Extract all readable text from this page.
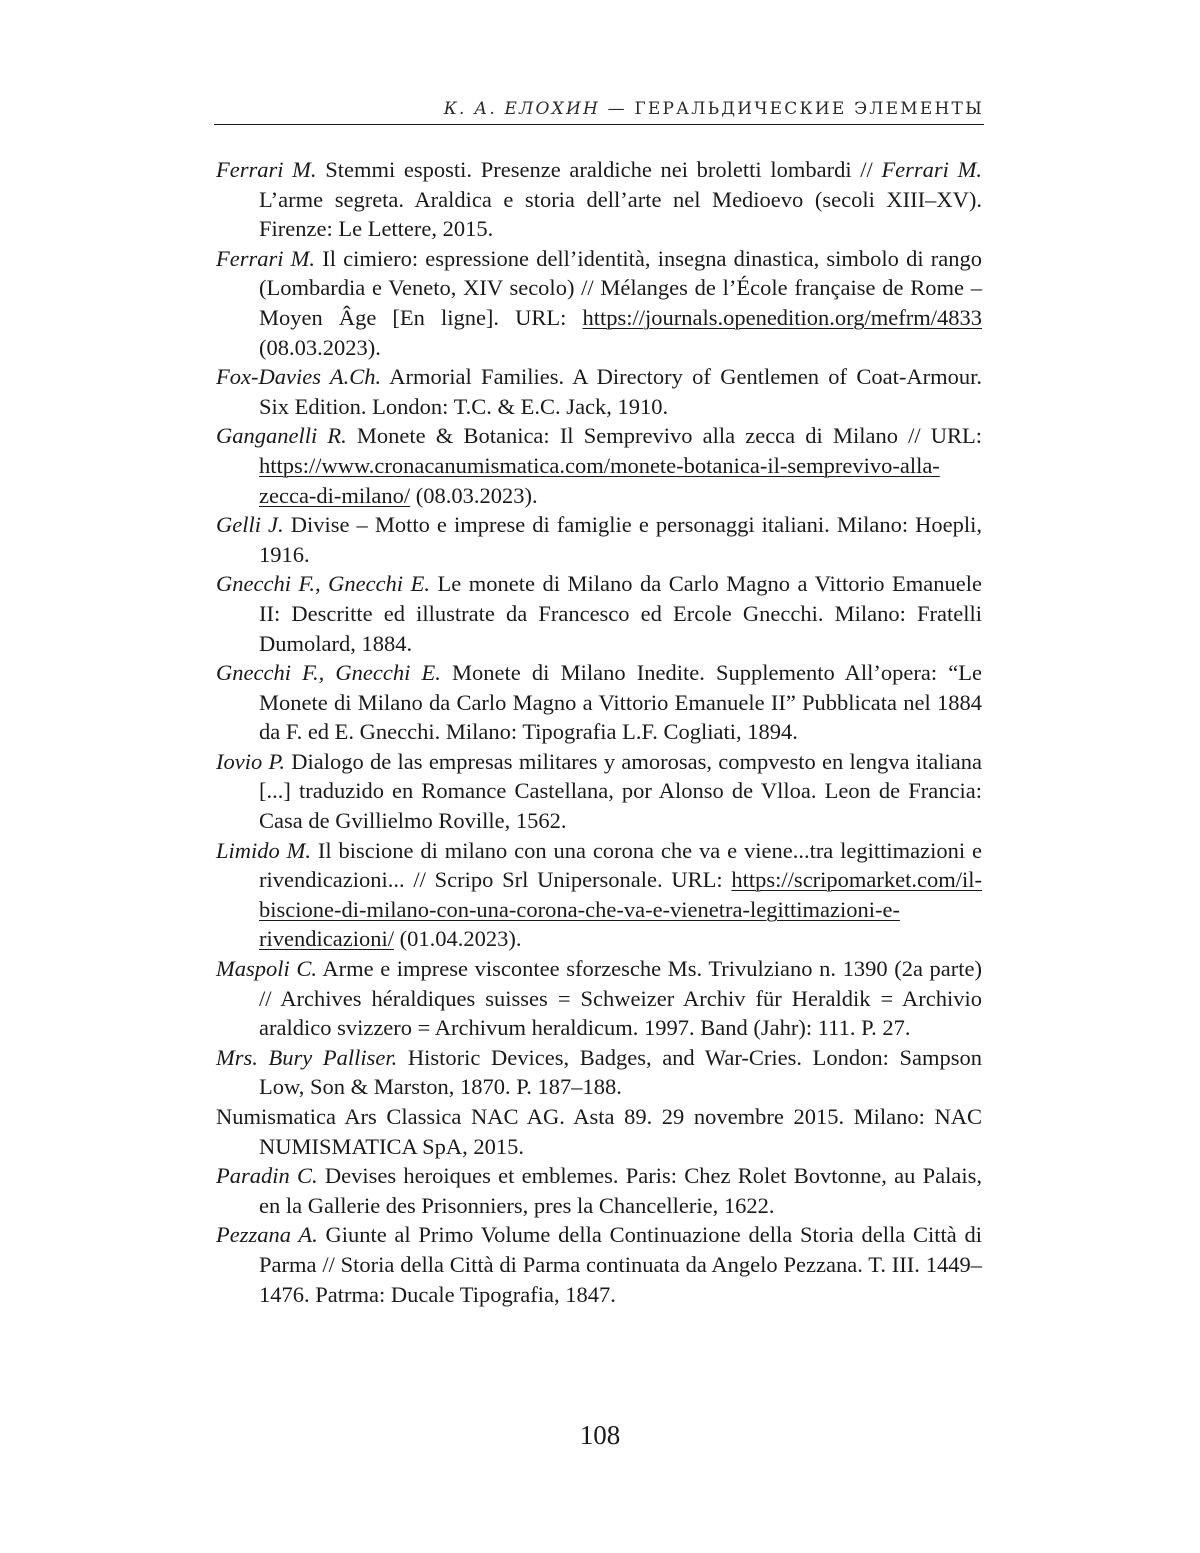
К. А. ЕЛОХИН — ГЕРАЛЬДИЧЕСКИЕ ЭЛЕМЕНТЫ

Ferrari M. Stemmi esposti. Presenze araldiche nei broletti lombardi // Ferrari M. L’arme segreta. Araldica e storia dell’arte nel Medioevo (secoli XIII–XV). Firenze: Le Lettere, 2015.

Ferrari M. Il cimiero: espressione dell’identità, insegna dinastica, simbolo di rango (Lombardia e Veneto, XIV secolo) // Mélanges de l’École française de Rome – Moyen Âge [En ligne]. URL: https://journals.openedition.org/mefrm/4833 (08.03.2023).

Fox-Davies A.Ch. Armorial Families. A Directory of Gentlemen of Coat-Armour. Six Edition. London: T.C. & E.C. Jack, 1910.

Ganganelli R. Monete & Botanica: Il Semprevivo alla zecca di Milano // URL: https://www.cronacanumismatica.com/monete-botanica-il-semprevivo-alla-zecca-di-milano/ (08.03.2023).

Gelli J. Divise – Motto e imprese di famiglie e personaggi italiani. Milano: Hoepli, 1916.

Gnecchi F., Gnecchi E. Le monete di Milano da Carlo Magno a Vittorio Emanuele II: Descritte ed illustrate da Francesco ed Ercole Gnecchi. Milano: Fratelli Dumolard, 1884.

Gnecchi F., Gnecchi E. Monete di Milano Inedite. Supplemento All’opera: “Le Monete di Milano da Carlo Magno a Vittorio Emanuele II” Pubblicata nel 1884 da F. ed E. Gnecchi. Milano: Tipografia L.F. Cogliati, 1894.

Iovio P. Dialogo de las empresas militares y amorosas, compvesto en lengva italiana [...] traduzido en Romance Castellana, por Alonso de Vlloa. Leon de Francia: Casa de Gvillielmo Roville, 1562.

Limido M. Il biscione di milano con una corona che va e viene...tra legittimazioni e rivendicazioni... // Scripo Srl Unipersonale. URL: https://scripomarket.com/il-biscione-di-milano-con-una-corona-che-va-e-vienetra-legittimazioni-e-rivendicazioni/ (01.04.2023).

Maspoli C. Arme e imprese viscontee sforzesche Ms. Trivulziano n. 1390 (2a parte) // Archives héraldiques suisses = Schweizer Archiv für Heraldik = Archivio araldico svizzero = Archivum heraldicum. 1997. Band (Jahr): 111. P. 27.

Mrs. Bury Palliser. Historic Devices, Badges, and War-Cries. London: Sampson Low, Son & Marston, 1870. P. 187–188.

Numismatica Ars Classica NAC AG. Asta 89. 29 novembre 2015. Milano: NAC NUMISMATICA SpA, 2015.

Paradin C. Devises heroiques et emblemes. Paris: Chez Rolet Bovtonne, au Palais, en la Gallerie des Prisonniers, pres la Chancellerie, 1622.

Pezzana A. Giunte al Primo Volume della Continuazione della Storia della Città di Parma // Storia della Città di Parma continuata da Angelo Pezzana. T. III. 1449–1476. Patrma: Ducale Tipografia, 1847.

108
